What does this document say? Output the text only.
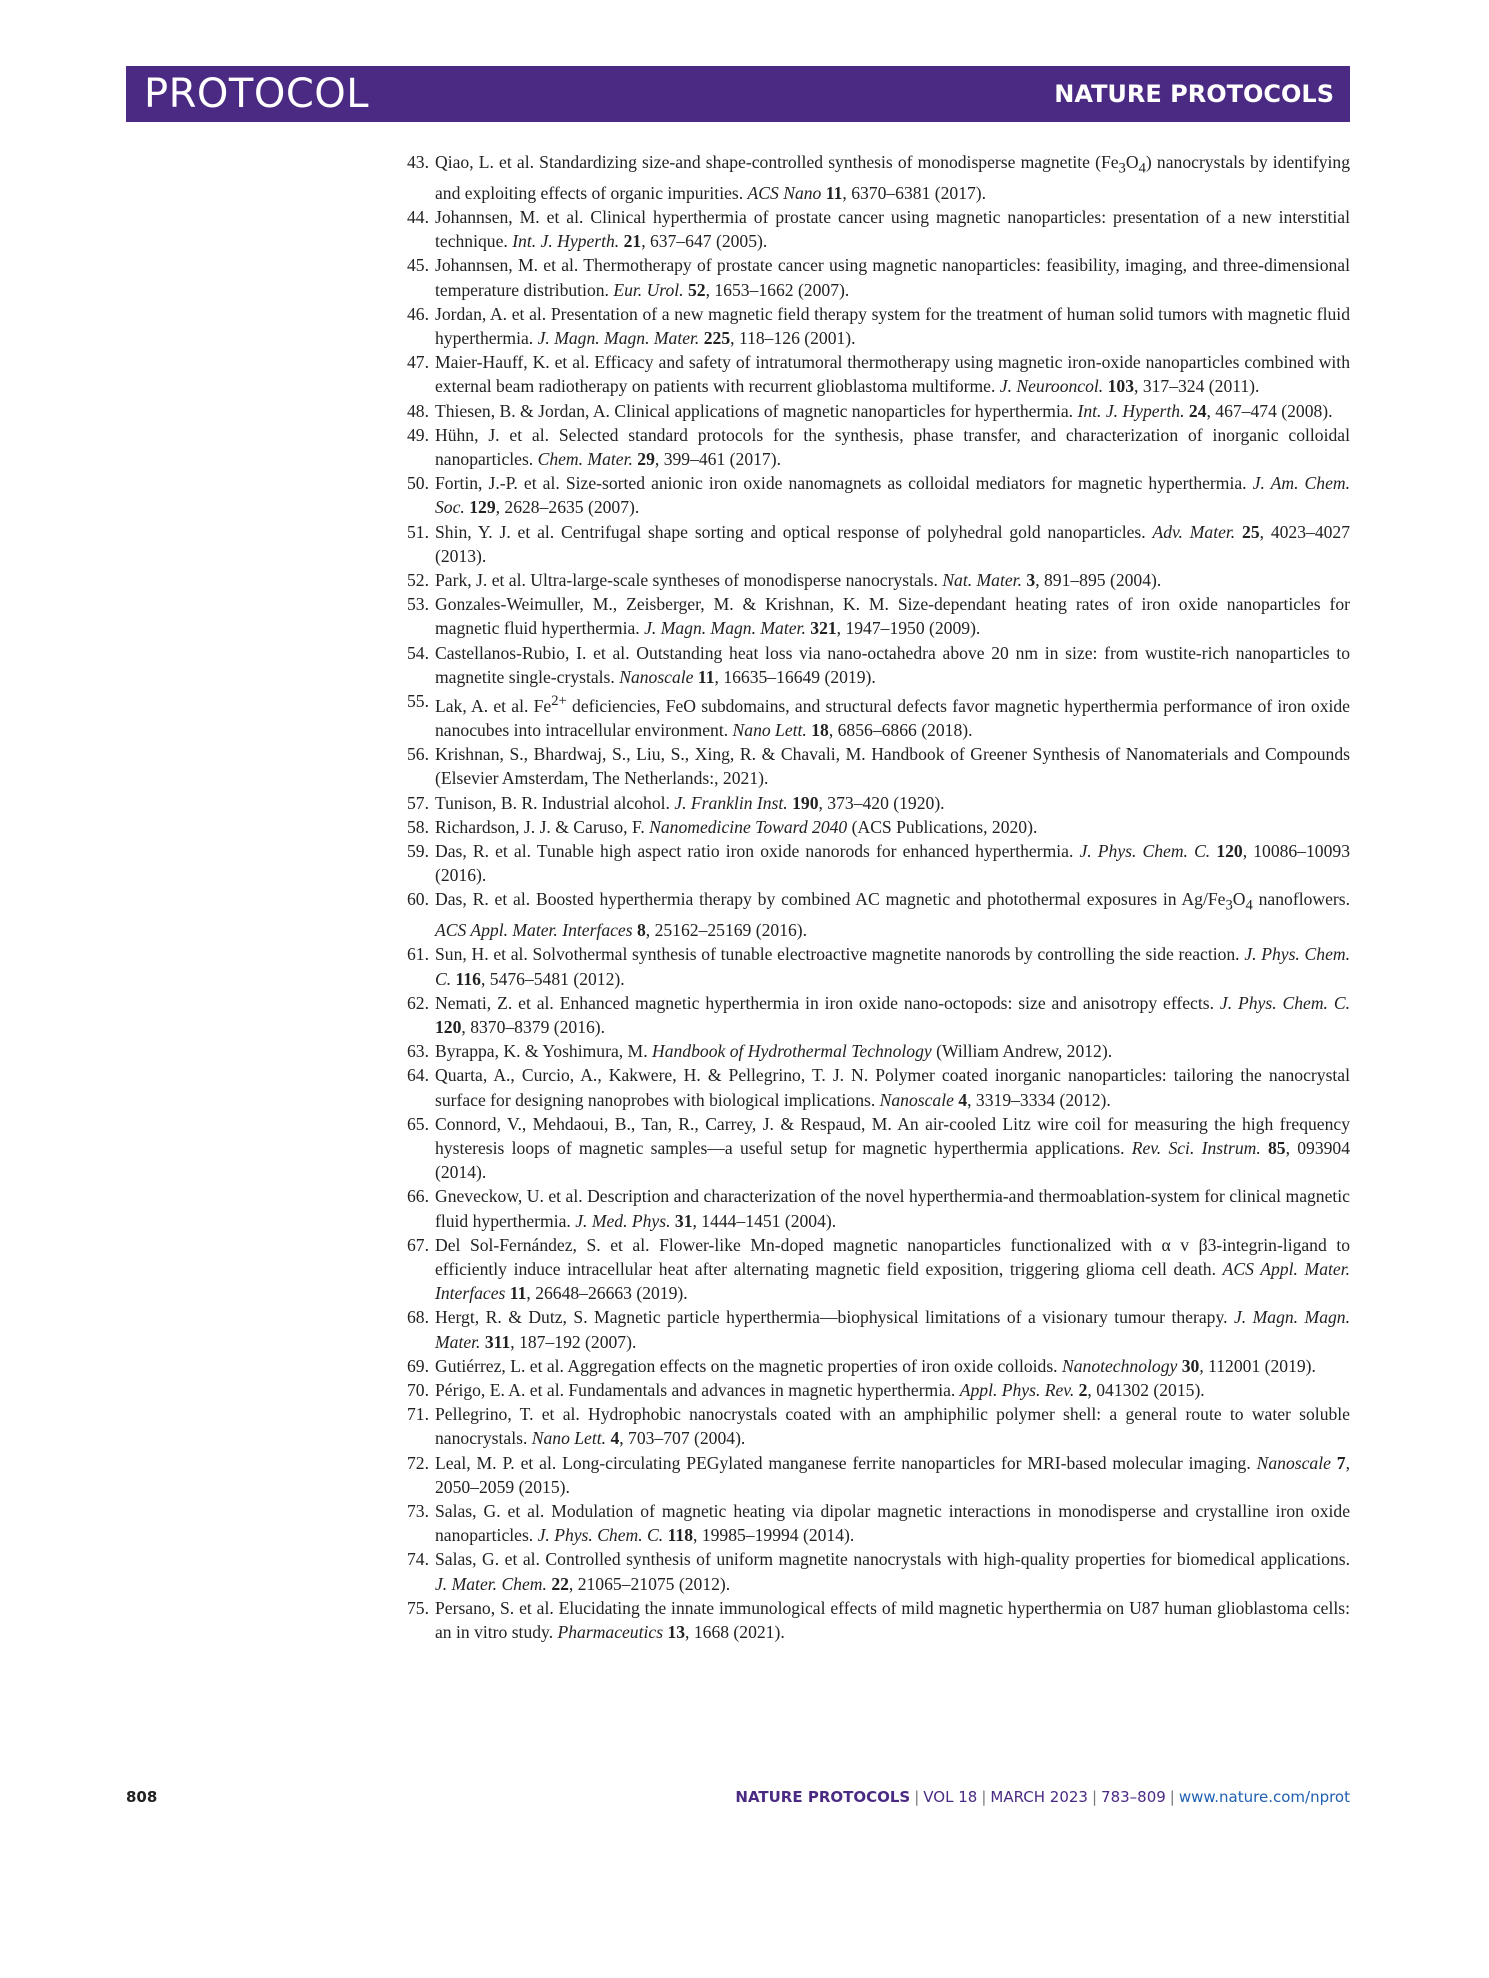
PROTOCOL	NATURE PROTOCOLS
43 . Qiao, L. et al. Standardizing size-and shape-controlled synthesis of monodisperse magnetite $(Fe_3O_4)$ nanocrystals by identifying and exploiting effects of organic impurities. ACS Nano 11, 6370–6381 (2017).
44 . Johannsen, M. et al. Clinical hyperthermia of prostate cancer using magnetic nanoparticles: presentation of a new interstitial technique. Int. J. Hyperth. 21, 637–647 (2005).
45 . Johannsen, M. et al. Thermotherapy of prostate cancer using magnetic nanoparticles: feasibility, imaging, and three-dimensional temperature distribution. Eur. Urol. 52, 1653–1662 (2007).
46 . Jordan, A. et al. Presentation of a new magnetic field therapy system for the treatment of human solid tumors with magnetic fluid hyperthermia. J. Magn. Magn. Mater. 225, 118–126 (2001).
47 . Maier-Hauff, K. et al. Efficacy and safety of intratumoral thermotherapy using magnetic iron-oxide nanoparticles combined with external beam radiotherapy on patients with recurrent glioblastoma multiforme. J. Neurooncol. 103, 317–324 (2011).
48 . Thiesen, B. & Jordan, A. Clinical applications of magnetic nanoparticles for hyperthermia. Int. J. Hyperth. 24, 467–474 (2008).
49 . Hühn, J. et al. Selected standard protocols for the synthesis, phase transfer, and characterization of inorganic colloidal nanoparticles. Chem. Mater. 29, 399–461 (2017).
50 . Fortin, J.-P. et al. Size-sorted anionic iron oxide nanomagnets as colloidal mediators for magnetic hyperthermia. J. Am. Chem. Soc. 129, 2628–2635 (2007).
51 . Shin, Y. J. et al. Centrifugal shape sorting and optical response of polyhedral gold nanoparticles. Adv. Mater. 25, 4023–4027 (2013).
52 . Park, J. et al. Ultra-large-scale syntheses of monodisperse nanocrystals. Nat. Mater. 3, 891–895 (2004).
53 . Gonzales-Weimuller, M., Zeisberger, M. & Krishnan, K. M. Size-dependant heating rates of iron oxide nanoparticles for magnetic fluid hyperthermia. J. Magn. Magn. Mater. 321, 1947–1950 (2009).
54 . Castellanos-Rubio, I. et al. Outstanding heat loss via nano-octahedra above 20 nm in size: from wustite-rich nanoparticles to magnetite single-crystals. Nanoscale 11, 16635–16649 (2019).
55 . Lak, A. et al. $Fe^{2+}$ deficiencies, FeO subdomains, and structural defects favor magnetic hyperthermia performance of iron oxide nanocubes into intracellular environment. Nano Lett. 18, 6856–6866 (2018).
56 . Krishnan, S., Bhardwaj, S., Liu, S., Xing, R. & Chavali, M. Handbook of Greener Synthesis of Nanomaterials and Compounds (Elsevier Amsterdam, The Netherlands:, 2021).
57 . Tunison, B. R. Industrial alcohol. J. Franklin Inst. 190, 373–420 (1920).
58 . Richardson, J. J. & Caruso, F. Nanomedicine Toward 2040 (ACS Publications, 2020).
59 . Das, R. et al. Tunable high aspect ratio iron oxide nanorods for enhanced hyperthermia. J. Phys. Chem. C. 120, 10086–10093 (2016).
60 . Das, R. et al. Boosted hyperthermia therapy by combined AC magnetic and photothermal exposures in $Ag/Fe_3O_4$ nanoflowers. ACS Appl. Mater. Interfaces 8, 25162–25169 (2016).
61 . Sun, H. et al. Solvothermal synthesis of tunable electroactive magnetite nanorods by controlling the side reaction. J. Phys. Chem. C. 116, 5476–5481 (2012).
62 . Nemati, Z. et al. Enhanced magnetic hyperthermia in iron oxide nano-octopods: size and anisotropy effects. J. Phys. Chem. C. 120, 8370–8379 (2016).
63 . Byrappa, K. & Yoshimura, M. Handbook of Hydrothermal Technology (William Andrew, 2012).
64 . Quarta, A., Curcio, A., Kakwere, H. & Pellegrino, T. J. N. Polymer coated inorganic nanoparticles: tailoring the nanocrystal surface for designing nanoprobes with biological implications. Nanoscale 4, 3319–3334 (2012).
65 . Connord, V., Mehdaoui, B., Tan, R., Carrey, J. & Respaud, M. An air-cooled Litz wire coil for measuring the high frequency hysteresis loops of magnetic samples—a useful setup for magnetic hyperthermia applications. Rev. Sci. Instrum. 85, 093904 (2014).
66 . Gneveckow, U. et al. Description and characterization of the novel hyperthermia-and thermoablation-system for clinical magnetic fluid hyperthermia. J. Med. Phys. 31, 1444–1451 (2004).
67 . Del Sol-Fernández, S. et al. Flower-like Mn-doped magnetic nanoparticles functionalized with α v β3-integrin-ligand to efficiently induce intracellular heat after alternating magnetic field exposition, triggering glioma cell death. ACS Appl. Mater. Interfaces 11, 26648–26663 (2019).
68 . Hergt, R. & Dutz, S. Magnetic particle hyperthermia—biophysical limitations of a visionary tumour therapy. J. Magn. Magn. Mater. 311, 187–192 (2007).
69 . Gutiérrez, L. et al. Aggregation effects on the magnetic properties of iron oxide colloids. Nanotechnology 30, 112001 (2019).
70 . Périgo, E. A. et al. Fundamentals and advances in magnetic hyperthermia. Appl. Phys. Rev. 2, 041302 (2015).
71 . Pellegrino, T. et al. Hydrophobic nanocrystals coated with an amphiphilic polymer shell: a general route to water soluble nanocrystals. Nano Lett. 4, 703–707 (2004).
72 . Leal, M. P. et al. Long-circulating PEGylated manganese ferrite nanoparticles for MRI-based molecular imaging. Nanoscale 7, 2050–2059 (2015).
73 . Salas, G. et al. Modulation of magnetic heating via dipolar magnetic interactions in monodisperse and crystalline iron oxide nanoparticles. J. Phys. Chem. C. 118, 19985–19994 (2014).
74 . Salas, G. et al. Controlled synthesis of uniform magnetite nanocrystals with high-quality properties for biomedical applications. J. Mater. Chem. 22, 21065–21075 (2012).
75 . Persano, S. et al. Elucidating the innate immunological effects of mild magnetic hyperthermia on U87 human glioblastoma cells: an in vitro study. Pharmaceutics 13, 1668 (2021).
808	NATURE PROTOCOLS | VOL 18 | MARCH 2023 | 783–809 | www.nature.com/nprot
